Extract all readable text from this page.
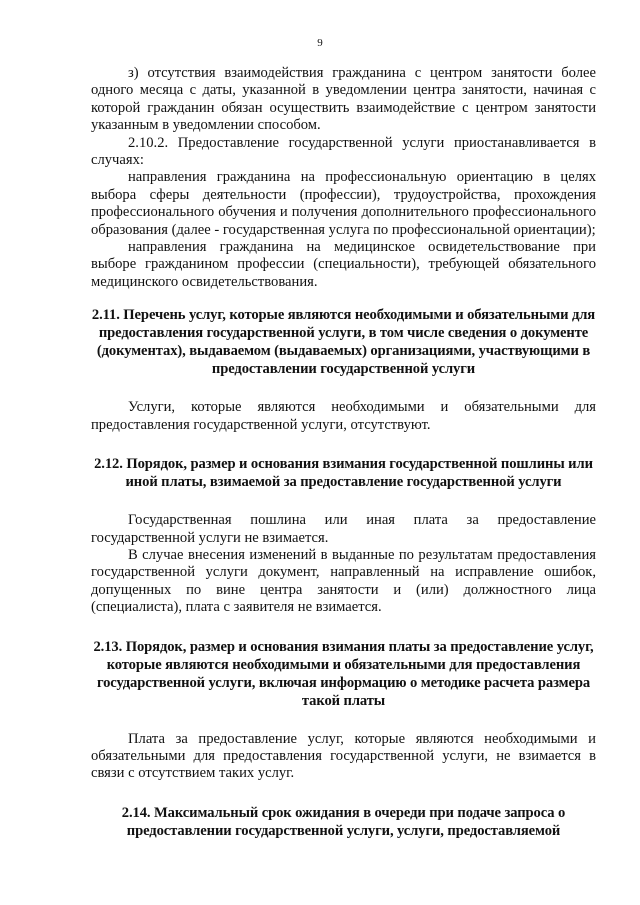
9

з) отсутствия взаимодействия гражданина с центром занятости более одного месяца с даты, указанной в уведомлении центра занятости, начиная с которой гражданин обязан осуществить взаимодействие с центром занятости указанным в уведомлении способом.

2.10.2. Предоставление государственной услуги приостанавливается в случаях:

направления гражданина на профессиональную ориентацию в целях выбора сферы деятельности (профессии), трудоустройства, прохождения профессионального обучения и получения дополнительного профессионального образования (далее - государственная услуга по профессиональной ориентации);

направления гражданина на медицинское освидетельствование при выборе гражданином профессии (специальности), требующей обязательного медицинского освидетельствования.

2.11. Перечень услуг, которые являются необходимыми и обязательными для предоставления государственной услуги, в том числе сведения о документе (документах), выдаваемом (выдаваемых) организациями, участвующими в предоставлении государственной услуги

Услуги, которые являются необходимыми и обязательными для предоставления государственной услуги, отсутствуют.

2.12. Порядок, размер и основания взимания государственной пошлины или иной платы, взимаемой за предоставление государственной услуги

Государственная пошлина или иная плата за предоставление государственной услуги не взимается.

В случае внесения изменений в выданные по результатам предоставления государственной услуги документ, направленный на исправление ошибок, допущенных по вине центра занятости и (или) должностного лица (специалиста), плата с заявителя не взимается.

2.13. Порядок, размер и основания взимания платы за предоставление услуг, которые являются необходимыми и обязательными для предоставления государственной услуги, включая информацию о методике расчета размера такой платы

Плата за предоставление услуг, которые являются необходимыми и обязательными для предоставления государственной услуги, не взимается в связи с отсутствием таких услуг.

2.14. Максимальный срок ожидания в очереди при подаче запроса о предоставлении государственной услуги, услуги, предоставляемой
